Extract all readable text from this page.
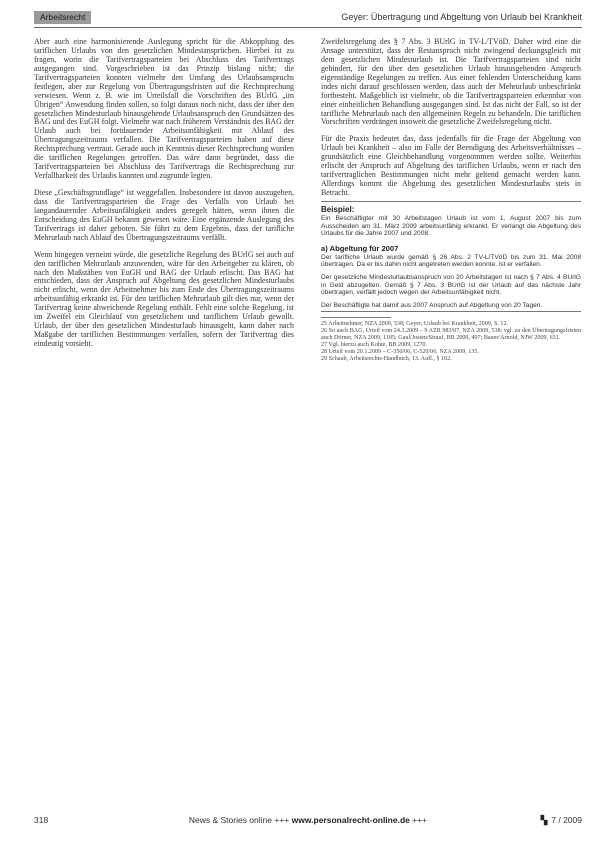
Arbeitsrecht	Geyer: Übertragung und Abgeltung von Urlaub bei Krankheit

Aber auch eine harmonisierende Auslegung spricht für die Abkopplung des tariflichen Urlaubs von den gesetzlichen Mindestansprüchen. Hierbei ist zu fragen, worin die Tarifvertragsparteien bei Abschluss des Tarifvertrags ausgegangen sind. Vorgeschrieben ist das Prinzip bislang nicht; die Tarifvertragsparteien konnten vielmehr den Umfang des Urlaubsanspruchs festlegen, aber zur Regelung von Übertragungsfristen auf die Rechtsprechung verwiesen. Wenn z. B. wie im Urteilsfall die Vorschriften des BUrlG „im Übrigen“ Anwendung finden sollen, so folgt daraus noch nicht, dass der über den gesetzlichen Mindesturlaub hinausgehende Urlaubsanspruch den Grundsätzen des BAG und des EuGH folgt. Vielmehr war nach früherem Verständnis des BAG der Urlaub auch bei fortdauernder Arbeitsunfähigkeit mit Ablauf des Übertragungszeitraums verfallen. Die Tarifvertragsparteien haben auf diese Rechtsprechung vertraut. Gerade auch in Kenntnis dieser Rechtsprechung wurden die tariflichen Regelungen getroffen. Das wäre dann begründet, dass die Tarifvertragsparteien bei Abschluss des Tarifvertrags die Rechtsprechung zur Verfallbarkeit des Urlaubs kannten und zugrunde legten.

Diese „Geschäftsgrundlage“ ist weggefallen. Insbesondere ist davon auszugehen, dass die Tarifvertragsparteien die Frage des Verfalls von Urlaub bei langandauernder Arbeitsunfähigkeit anders geregelt hätten, wenn ihnen die Entscheidung des EuGH bekannt gewesen wäre. Eine ergänzende Auslegung des Tarifvertrags ist daher geboten. Sie führt zu dem Ergebnis, dass der tarifliche Mehrurlaub nach Ablauf des Übertragungszeitraums verfällt.

Wenn hingegen verneint würde, die gesetzliche Regelung des BUrlG sei auch auf den tariflichen Mehrurlaub anzuwenden, wäre für den Arbeitgeber zu klären, ob nach den Maßstäben von EuGH und BAG der Urlaub erlischt. Das BAG hat entschieden, dass der Anspruch auf Abgeltung des gesetzlichen Mindesturlaubs nicht erlischt, wenn der Arbeitnehmer bis zum Ende des Übertragungszeitraums arbeitsunfähig erkrankt ist. Für den tariflichen Mehrurlaub gilt dies nur, wenn der Tarifvertrag keine abweichende Regelung enthält. Fehlt eine solche Regelung, ist im Zweifel ein Gleichlauf von gesetzlichem und tariflichem Urlaub gewollt. Urlaub, der über den gesetzlichen Mindesturlaub hinausgeht, kann daher nach Maßgabe der tariflichen Bestimmungen verfallen, sofern der Tarifvertrag dies eindeutig vorsieht.

Zweifelsregelung des § 7 Abs. 3 BUrlG in TV-L/TVöD. Daher wird eine die Ansage unterstützt, dass der Restanspruch nicht zwingend deckungsgleich mit dem gesetzlichen Mindesturlaub ist. Die Tarifvertragsparteien sind nicht gehindert, für den über den gesetzlichen Urlaub hinausgehenden Anspruch eigenständige Regelungen zu treffen. Aus einer fehlenden Unterscheidung kann indes nicht darauf geschlossen werden, dass auch der Mehrurlaub unbeschränkt fortbesteht. Maßgeblich ist vielmehr, ob die Tarifvertragsparteien erkennbar von einer einheitlichen Behandlung ausgegangen sind. Ist das nicht der Fall, so ist der tarifliche Mehrurlaub nach den allgemeinen Regeln zu behandeln. Die tariflichen Vorschriften verdrängen insoweit die gesetzliche Zweifelsregelung nicht.

Für die Praxis bedeutet das, dass jedenfalls für die Frage der Abgeltung von Urlaub bei Krankheit – also im Falle der Beendigung des Arbeitsverhältnisses – grundsätzlich eine Gleichbehandlung vorgenommen werden sollte. Weiterhin erlischt der Anspruch auf Abgeltung des tariflichen Urlaubs, wenn er nach den tarifvertraglichen Bestimmungen nicht mehr geltend gemacht werden kann. Allerdings kommt die Abgeltung des gesetzlichen Mindesturlaubs stets in Betracht.

Beispiel:

Ein Beschäftigter mit 30 Arbeitstagen Urlaub ist vom 1. August 2007 bis zum Ausscheiden am 31. März 2009 arbeitsunfähig erkrankt. Er verlangt die Abgeltung des Urlaubs für die Jahre 2007 und 2008.

a) Abgeltung für 2007

Der tarifliche Urlaub wurde gemäß § 26 Abs. 2 TV-L/TVöD bis zum 31. Mai 2008 übertragen. Da er bis dahin nicht angetreten werden konnte, ist er verfallen.

Der gesetzliche Mindesturlaubsanspruch von 20 Arbeitstagen ist nach § 7 Abs. 4 BUrlG in Geld abzugelten. Gemäß § 7 Abs. 3 BUrlG ist der Urlaub auf das nächste Jahr übertragen, verfällt jedoch wegen der Arbeitsunfähigkeit nicht.

Der Beschäftigte hat damit aus 2007 Anspruch auf Abgeltung von 20 Tagen.

25 Arbeitnehmer, NZA 2009, 538; Geyer, Urlaub bei Krankheit, 2009, S. 12.
26 So auch BAG, Urteil vom 24.3.2009 – 9 AZR 983/07, NZA 2009, 538; vgl. zu den Übertragungsfristen auch Dörner, NZA 2009, 1185; Gaul/Josten/Strauf, BB 2009, 497; Bauer/Arnold, NJW 2009, 631.
27 Vgl. hierzu auch Kohte, BB 2009, 1270.
28 Urteil vom 20.1.2009 – C-350/06, C-520/06, NZA 2009, 135.
29 Schaub, Arbeitsrechts-Handbuch, 13. Aufl., § 102.
318	News & Stories online +++ www.personalrecht-online.de +++	▚ 7 / 2009
